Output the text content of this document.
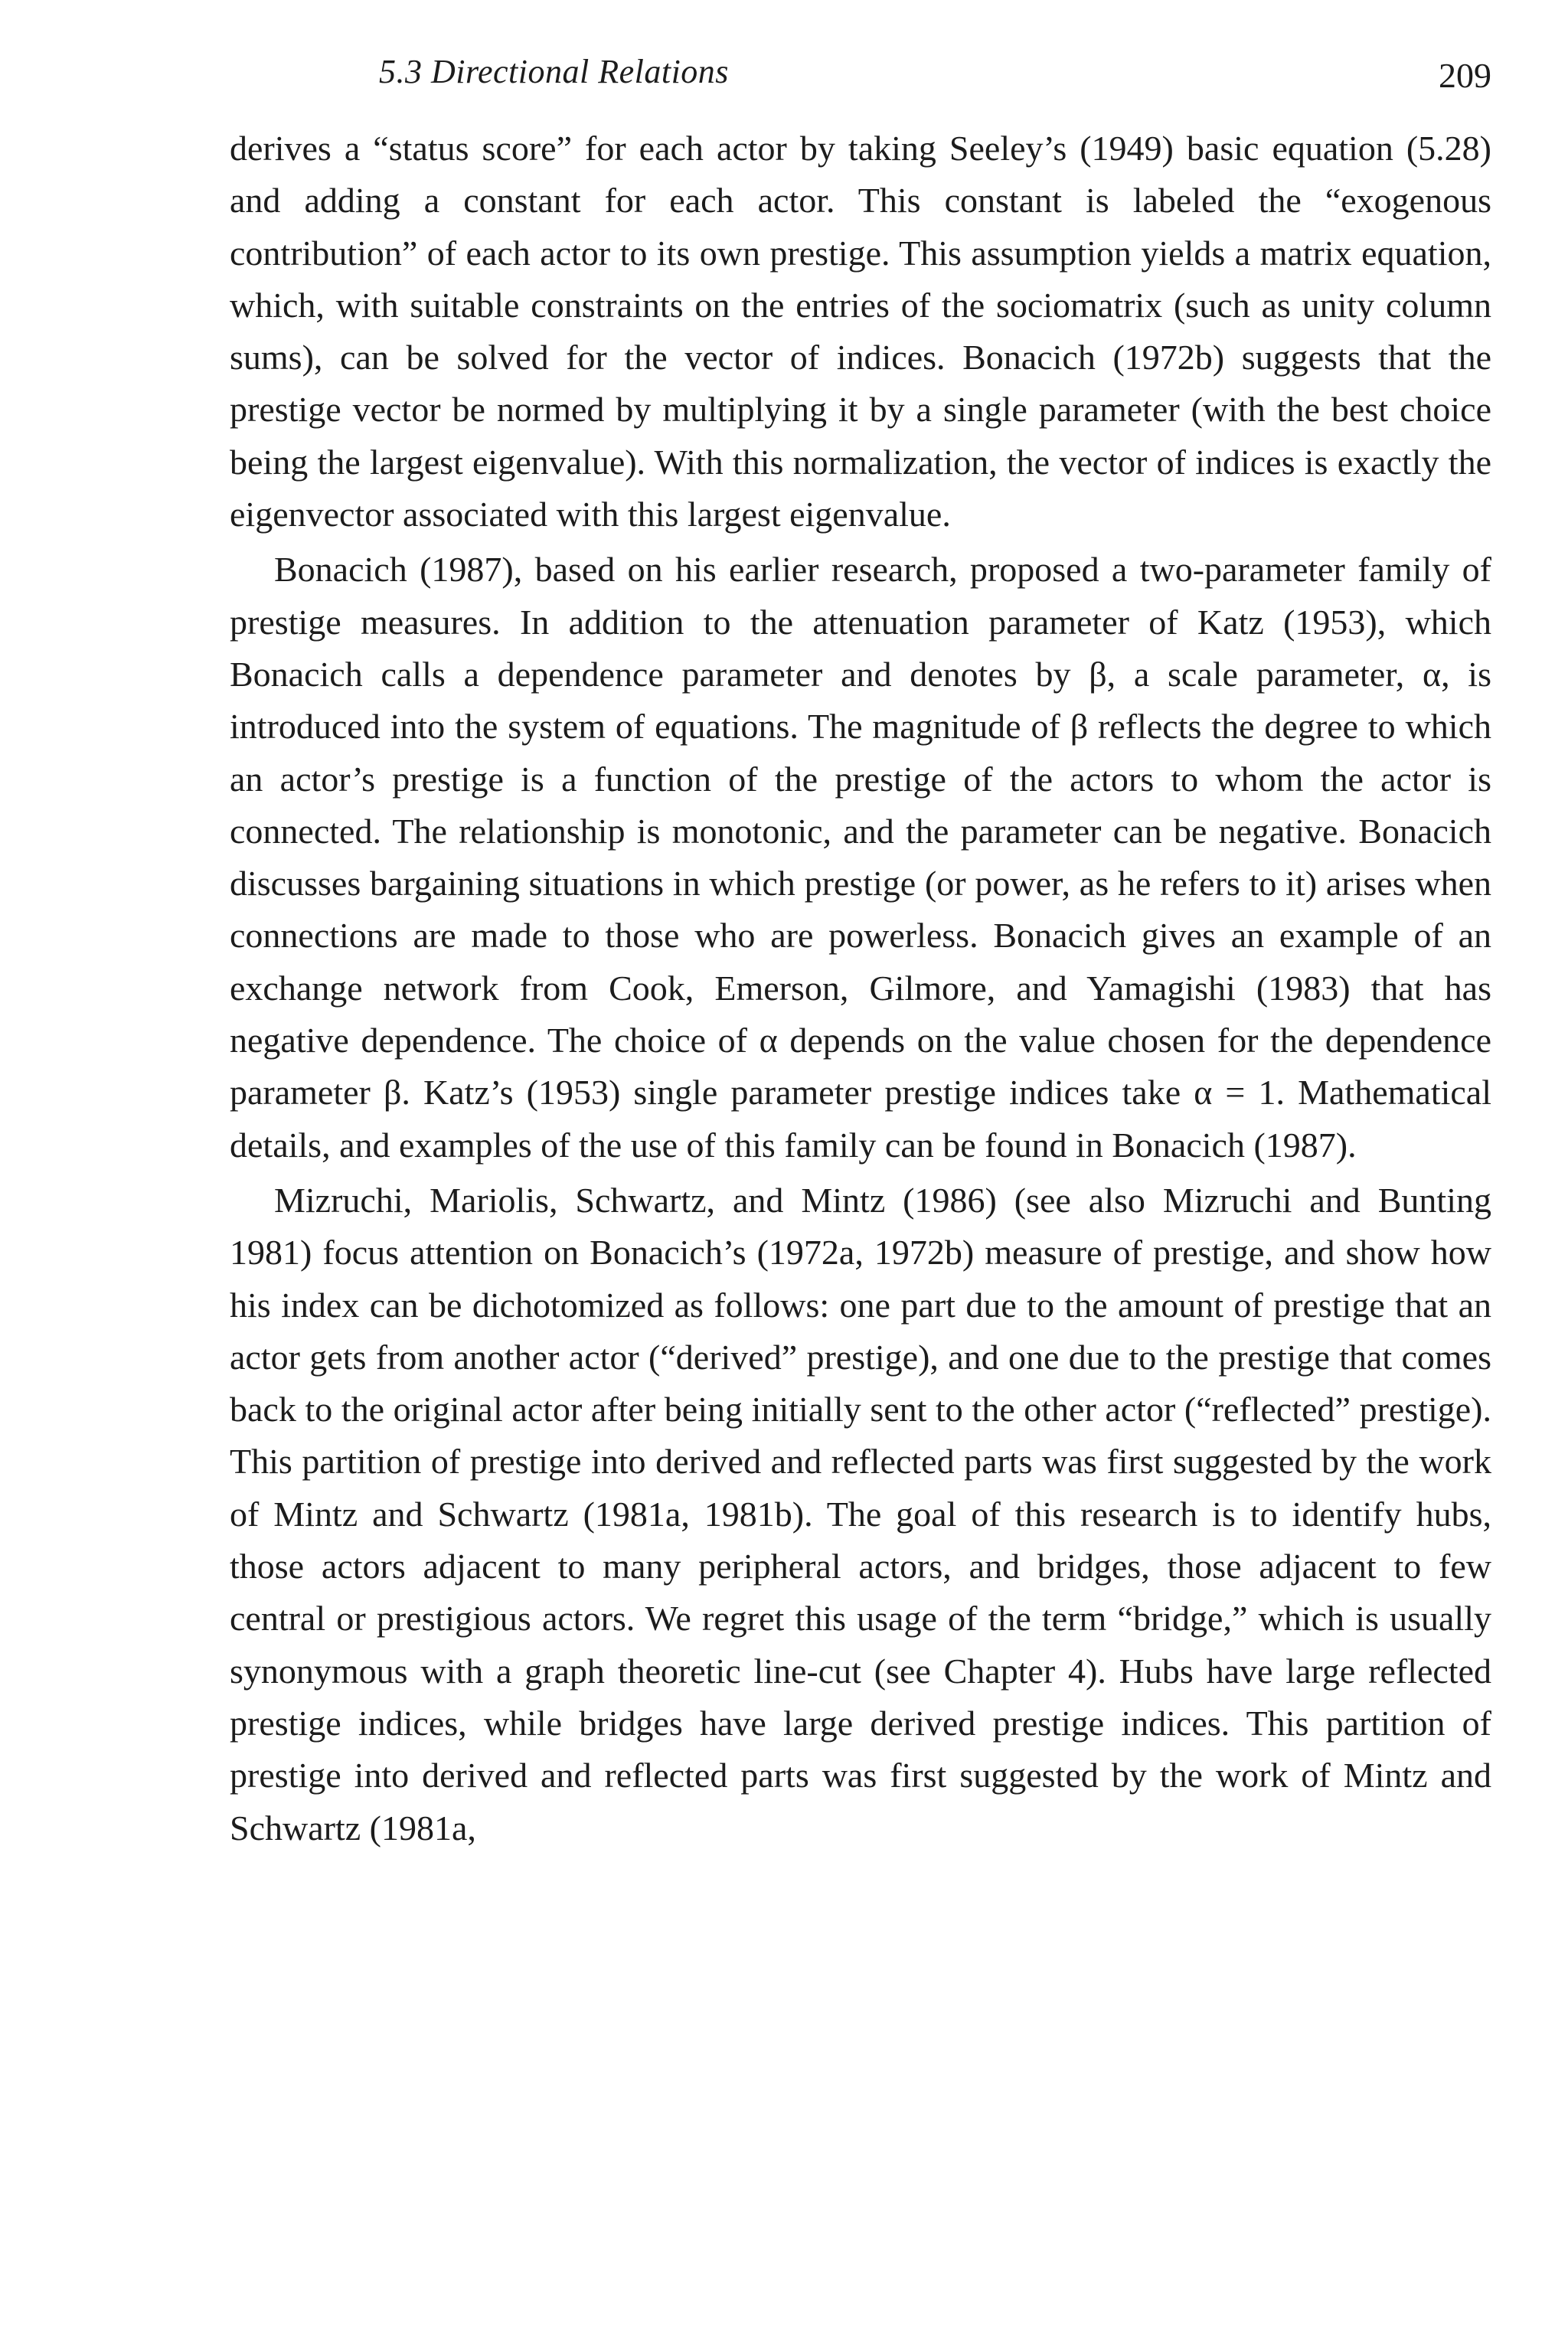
5.3 Directional Relations	209

derives a “status score” for each actor by taking Seeley’s (1949) basic equation (5.28) and adding a constant for each actor. This constant is labeled the “exogenous contribution” of each actor to its own prestige. This assumption yields a matrix equation, which, with suitable constraints on the entries of the sociomatrix (such as unity column sums), can be solved for the vector of indices. Bonacich (1972b) suggests that the prestige vector be normed by multiplying it by a single parameter (with the best choice being the largest eigenvalue). With this normalization, the vector of indices is exactly the eigenvector associated with this largest eigenvalue.

Bonacich (1987), based on his earlier research, proposed a two-parameter family of prestige measures. In addition to the attenuation parameter of Katz (1953), which Bonacich calls a dependence parameter and denotes by β, a scale parameter, α, is introduced into the system of equations. The magnitude of β reflects the degree to which an actor’s prestige is a function of the prestige of the actors to whom the actor is connected. The relationship is monotonic, and the parameter can be negative. Bonacich discusses bargaining situations in which prestige (or power, as he refers to it) arises when connections are made to those who are powerless. Bonacich gives an example of an exchange network from Cook, Emerson, Gilmore, and Yamagishi (1983) that has negative dependence. The choice of α depends on the value chosen for the dependence parameter β. Katz’s (1953) single parameter prestige indices take α = 1. Mathematical details, and examples of the use of this family can be found in Bonacich (1987).

Mizruchi, Mariolis, Schwartz, and Mintz (1986) (see also Mizruchi and Bunting 1981) focus attention on Bonacich’s (1972a, 1972b) measure of prestige, and show how his index can be dichotomized as follows: one part due to the amount of prestige that an actor gets from another actor (“derived” prestige), and one due to the prestige that comes back to the original actor after being initially sent to the other actor (“reflected” prestige). This partition of prestige into derived and reflected parts was first suggested by the work of Mintz and Schwartz (1981a, 1981b). The goal of this research is to identify hubs, those actors adjacent to many peripheral actors, and bridges, those adjacent to few central or prestigious actors. We regret this usage of the term “bridge,” which is usually synonymous with a graph theoretic line-cut (see Chapter 4). Hubs have large reflected prestige indices, while bridges have large derived prestige indices. This partition of prestige into derived and reflected parts was first suggested by the work of Mintz and Schwartz (1981a,
